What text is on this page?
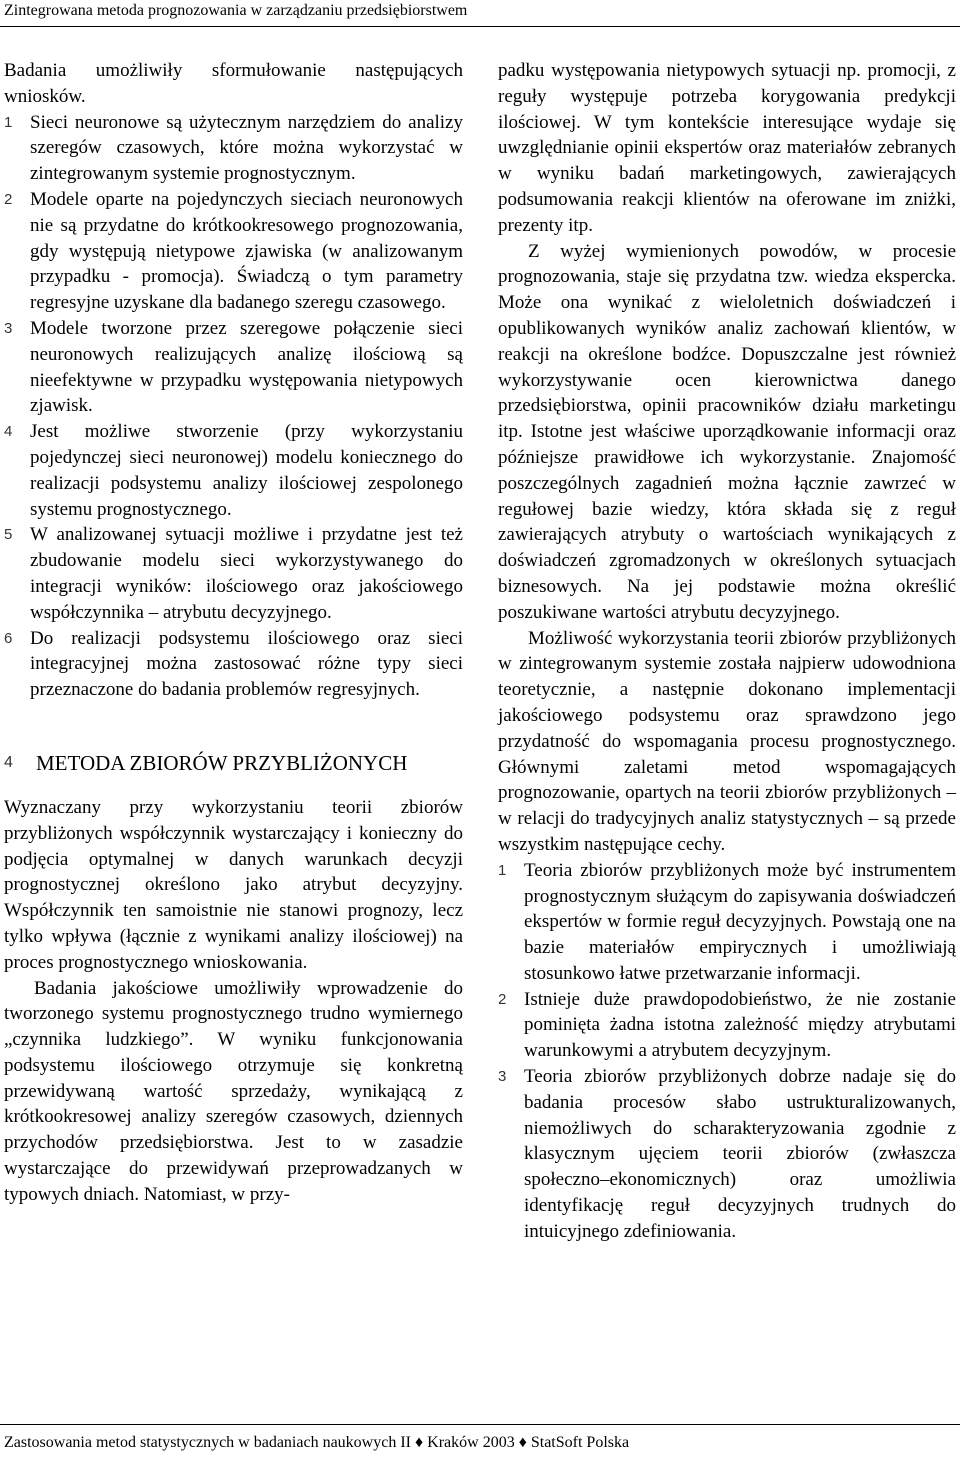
Zintegrowana metoda prognozowania w zarządzaniu przedsiębiorstwem

Badania umożliwiły sformułowanie następujących wniosków.

1 Sieci neuronowe są użytecznym narzędziem do analizy szeregów czasowych, które można wykorzystać w zintegrowanym systemie prognostycznym.
2 Modele oparte na pojedynczych sieciach neuronowych nie są przydatne do krótkookresowego prognozowania, gdy występują nietypowe zjawiska (w analizowanym przypadku - promocja). Świadczą o tym parametry regresyjne uzyskane dla badanego szeregu czasowego.
3 Modele tworzone przez szeregowe połączenie sieci neuronowych realizujących analizę ilościową są nieefektywne w przypadku występowania nietypowych zjawisk.
4 Jest możliwe stworzenie (przy wykorzystaniu pojedynczej sieci neuronowej) modelu koniecznego do realizacji podsystemu analizy ilościowej zespolonego systemu prognostycznego.
5 W analizowanej sytuacji możliwe i przydatne jest też zbudowanie modelu sieci wykorzystywanego do integracji wyników: ilościowego oraz jakościowego współczynnika – atrybutu decyzyjnego.
6 Do realizacji podsystemu ilościowego oraz sieci integracyjnej można zastosować różne typy sieci przeznaczone do badania problemów regresyjnych.
4	METODA ZBIORÓW PRZYBLIŻONYCH

Wyznaczany przy wykorzystaniu teorii zbiorów przybliżonych współczynnik wystarczający i konieczny do podjęcia optymalnej w danych warunkach decyzji prognostycznej określono jako atrybut decyzyjny. Współczynnik ten samoistnie nie stanowi prognozy, lecz tylko wpływa (łącznie z wynikami analizy ilościowej) na proces prognostycznego wnioskowania.

Badania jakościowe umożliwiły wprowadzenie do tworzonego systemu prognostycznego trudno wymiernego „czynnika ludzkiego”. W wyniku funkcjonowania podsystemu ilościowego otrzymuje się konkretną przewidywaną wartość sprzedaży, wynikającą z krótkookresowej analizy szeregów czasowych, dziennych przychodów przedsiębiorstwa. Jest to w zasadzie wystarczające do przewidywań przeprowadzanych w typowych dniach. Natomiast, w przy-

padku występowania nietypowych sytuacji np. promocji, z reguły występuje potrzeba korygowania predykcji ilościowej. W tym kontekście interesujące wydaje się uwzględnianie opinii ekspertów oraz materiałów zebranych w wyniku badań marketingowych, zawierających podsumowania reakcji klientów na oferowane im zniżki, prezenty itp.

Z wyżej wymienionych powodów, w procesie prognozowania, staje się przydatna tzw. wiedza ekspercka. Może ona wynikać z wieloletnich doświadczeń i opublikowanych wyników analiz zachowań klientów, w reakcji na określone bodźce. Dopuszczalne jest również wykorzystywanie ocen kierownictwa danego przedsiębiorstwa, opinii pracowników działu marketingu itp. Istotne jest właściwe uporządkowanie informacji oraz późniejsze prawidłowe ich wykorzystanie. Znajomość poszczególnych zagadnień można łącznie zawrzeć w regułowej bazie wiedzy, która składa się z reguł zawierających atrybuty o wartościach wynikających z doświadczeń zgromadzonych w określonych sytuacjach biznesowych. Na jej podstawie można określić poszukiwane wartości atrybutu decyzyjnego.

Możliwość wykorzystania teorii zbiorów przybliżonych w zintegrowanym systemie została najpierw udowodniona teoretycznie, a następnie dokonano implementacji jakościowego podsystemu oraz sprawdzono jego przydatność do wspomagania procesu prognostycznego. Głównymi zaletami metod wspomagających prognozowanie, opartych na teorii zbiorów przybliżonych – w relacji do tradycyjnych analiz statystycznych – są przede wszystkim następujące cechy.

1 Teoria zbiorów przybliżonych może być instrumentem prognostycznym służącym do zapisywania doświadczeń ekspertów w formie reguł decyzyjnych. Powstają one na bazie materiałów empirycznych i umożliwiają stosunkowo łatwe przetwarzanie informacji.
2 Istnieje duże prawdopodobieństwo, że nie zostanie pominięta żadna istotna zależność między atrybutami warunkowymi a atrybutem decyzyjnym.
3 Teoria zbiorów przybliżonych dobrze nadaje się do badania procesów słabo ustrukturalizowanych, niemożliwych do scharakteryzowania zgodnie z klasycznym ujęciem teorii zbiorów (zwłaszcza społeczno–ekonomicznych) oraz umożliwia identyfikację reguł decyzyjnych trudnych do intuicyjnego zdefiniowania.
Zastosowania metod statystycznych w badaniach naukowych II ♦ Kraków 2003 ♦ StatSoft Polska
